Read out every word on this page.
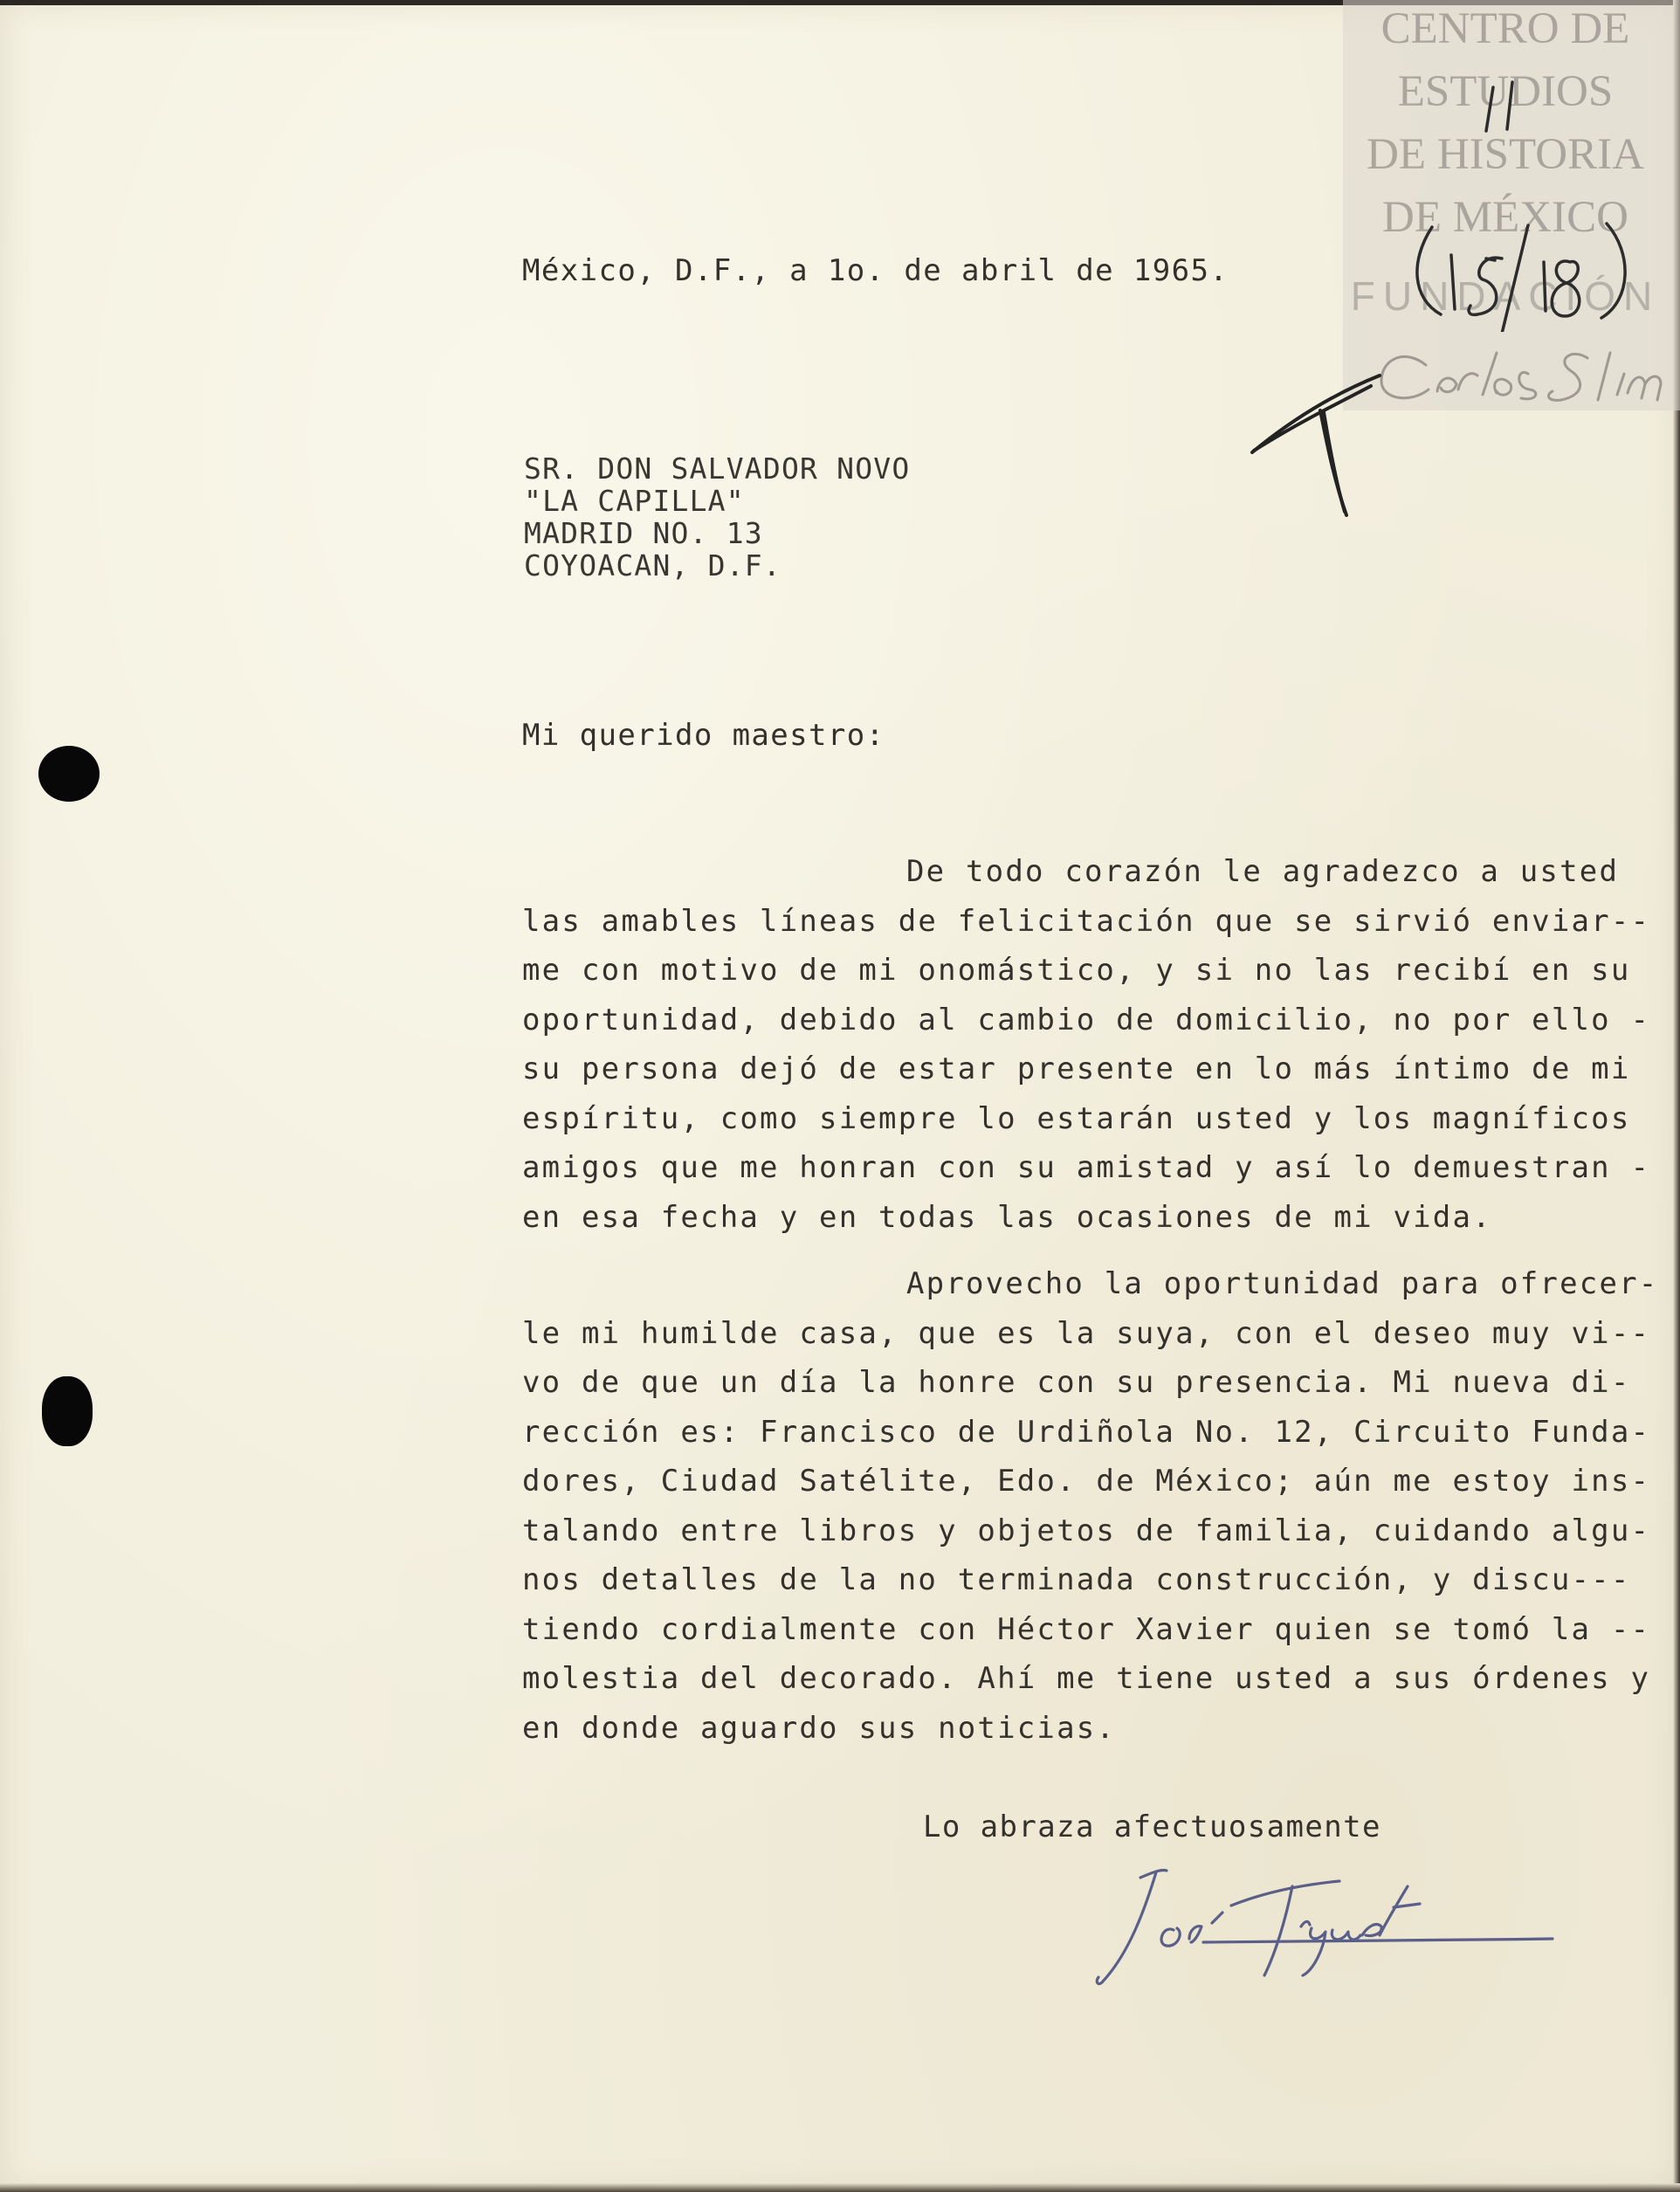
CENTRO DE
ESTUDIOS
DE HISTORIA
DE MÉXICO
FUNDACIÓN
México, D.F., a 1o. de abril de 1965.
SR. DON SALVADOR NOVO
"LA CAPILLA"
MADRID NO. 13
COYOACAN, D.F.
Mi querido maestro:
De todo corazón le agradezco a usted
las amables líneas de felicitación que se sirvió enviar--
me con motivo de mi onomástico, y si no las recibí en su
oportunidad, debido al cambio de domicilio, no por ello -
su persona dejó de estar presente en lo más íntimo de mi
espíritu, como siempre lo estarán usted y los magníficos
amigos que me honran con su amistad y así lo demuestran -
en esa fecha y en todas las ocasiones de mi vida.
Aprovecho la oportunidad para ofrecer-
le mi humilde casa, que es la suya, con el deseo muy vi--
vo de que un día la honre con su presencia. Mi nueva di-
rección es: Francisco de Urdiñola No. 12, Circuito Funda-
dores, Ciudad Satélite, Edo. de México; aún me estoy ins-
talando entre libros y objetos de familia, cuidando algu-
nos detalles de la no terminada construcción, y discu---
tiendo cordialmente con Héctor Xavier quien se tomó la --
molestia del decorado. Ahí me tiene usted a sus órdenes y
en donde aguardo sus noticias.
Lo abraza afectuosamente
